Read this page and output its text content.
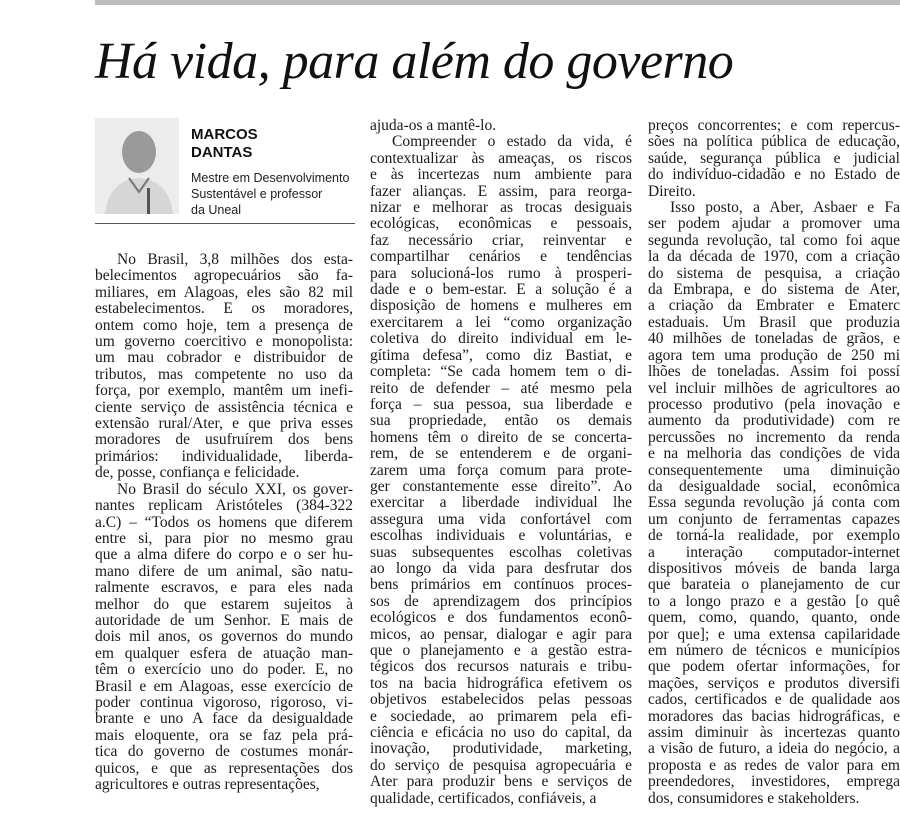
Há vida, para além do governo
MARCOS
DANTAS
Mestre em Desenvolvimento
Sustentável e professor
da Uneal
No Brasil, 3,8 milhões dos esta-
belecimentos agropecuários são fa-
miliares, em Alagoas, eles são 82 mil
estabelecimentos. E os moradores,
ontem como hoje, tem a presença de
um governo coercitivo e monopolista:
um mau cobrador e distribuidor de
tributos, mas competente no uso da
força, por exemplo, mantêm um inefi-
ciente serviço de assistência técnica e
extensão rural/Ater, e que priva esses
moradores de usufruírem dos bens
primários: individualidade, liberda-
de, posse, confiança e felicidade.
No Brasil do século XXI, os gover-
nantes replicam Aristóteles (384-322
a.C) – “Todos os homens que diferem
entre si, para pior no mesmo grau
que a alma difere do corpo e o ser hu-
mano difere de um animal, são natu-
ralmente escravos, e para eles nada
melhor do que estarem sujeitos à
autoridade de um Senhor. E mais de
dois mil anos, os governos do mundo
em qualquer esfera de atuação man-
têm o exercício uno do poder. E, no
Brasil e em Alagoas, esse exercício de
poder continua vigoroso, rigoroso, vi-
brante e uno A face da desigualdade
mais eloquente, ora se faz pela prá-
tica do governo de costumes monár-
quicos, e que as representações dos
agricultores e outras representações,
ajuda-os a mantê-lo.
Compreender o estado da vida, é
contextualizar às ameaças, os riscos
e às incertezas num ambiente para
fazer alianças. E assim, para reorga-
nizar e melhorar as trocas desiguais
ecológicas, econômicas e pessoais,
faz necessário criar, reinventar e
compartilhar cenários e tendências
para solucioná-los rumo à prosperi-
dade e o bem-estar. E a solução é a
disposição de homens e mulheres em
exercitarem a lei “como organização
coletiva do direito individual em le-
gítima defesa”, como diz Bastiat, e
completa: “Se cada homem tem o di-
reito de defender – até mesmo pela
força – sua pessoa, sua liberdade e
sua propriedade, então os demais
homens têm o direito de se concerta-
rem, de se entenderem e de organi-
zarem uma força comum para prote-
ger constantemente esse direito”. Ao
exercitar a liberdade individual lhe
assegura uma vida confortável com
escolhas individuais e voluntárias, e
suas subsequentes escolhas coletivas
ao longo da vida para desfrutar dos
bens primários em contínuos proces-
sos de aprendizagem dos princípios
ecológicos e dos fundamentos econô-
micos, ao pensar, dialogar e agir para
que o planejamento e a gestão estra-
tégicos dos recursos naturais e tribu-
tos na bacia hidrográfica efetivem os
objetivos estabelecidos pelas pessoas
e sociedade, ao primarem pela efi-
ciência e eficácia no uso do capital, da
inovação, produtividade, marketing,
do serviço de pesquisa agropecuária e
Ater para produzir bens e serviços de
qualidade, certificados, confiáveis, a
preços concorrentes; e com repercus-
sões na política pública de educação,
saúde, segurança pública e judicial
do indivíduo-cidadão e no Estado de
Direito.
Isso posto, a Aber, Asbaer e Fa
ser podem ajudar a promover uma
segunda revolução, tal como foi aque
la da década de 1970, com a criação
do sistema de pesquisa, a criação
da Embrapa, e do sistema de Ater,
a criação da Embrater e Ematerc
estaduais. Um Brasil que produzia
40 milhões de toneladas de grãos, e
agora tem uma produção de 250 mi
lhões de toneladas. Assim foi possí
vel incluir milhões de agricultores ao
processo produtivo (pela inovação e
aumento da produtividade) com re
percussões no incremento da renda
e na melhoria das condições de vida
consequentemente uma diminuição
da desigualdade social, econômica
Essa segunda revolução já conta com
um conjunto de ferramentas capazes
de torná-la realidade, por exemplo
a interação computador-internet
dispositivos móveis de banda larga
que barateia o planejamento de cur
to a longo prazo e a gestão [o quê
quem, como, quando, quanto, onde
por que]; e uma extensa capilaridade
em número de técnicos e municípios
que podem ofertar informações, for
mações, serviços e produtos diversifi
cados, certificados e de qualidade aos
moradores das bacias hidrográficas, e
assim diminuir às incertezas quanto
a visão de futuro, a ideia do negócio, a
proposta e as redes de valor para em
preendedores, investidores, emprega
dos, consumidores e stakeholders.
